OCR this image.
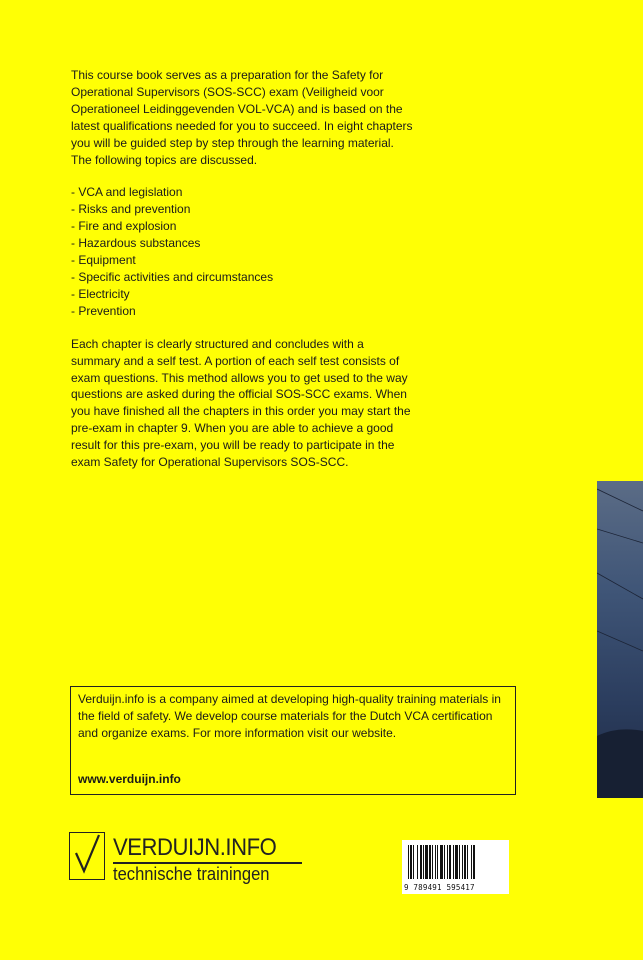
This course book serves as a preparation for the Safety for Operational Supervisors (SOS-SCC) exam (Veiligheid voor Operationeel Leidinggevenden VOL-VCA) and is based on the latest qualifications needed for you to succeed. In eight chapters you will be guided step by step through the learning material. The following topics are discussed.

- VCA and legislation
- Risks and prevention
- Fire and explosion
- Hazardous substances
- Equipment
- Specific activities and circumstances
- Electricity
- Prevention

Each chapter is clearly structured and concludes with a summary and a self test. A portion of each self test consists of exam questions. This method allows you to get used to the way questions are asked during the official SOS-SCC exams. When you have finished all the chapters in this order you may start the pre-exam in chapter 9. When you are able to achieve a good result for this pre-exam, you will be ready to participate in the exam Safety for Operational Supervisors SOS-SCC.

Verduijn.info is a company aimed at developing high-quality training materials in the field of safety. We develop course materials for the Dutch VCA certification and organize exams. For more information visit our website.

www.verduijn.info
VERDUIJN.INFO
technische trainingen
9 789491 595417
